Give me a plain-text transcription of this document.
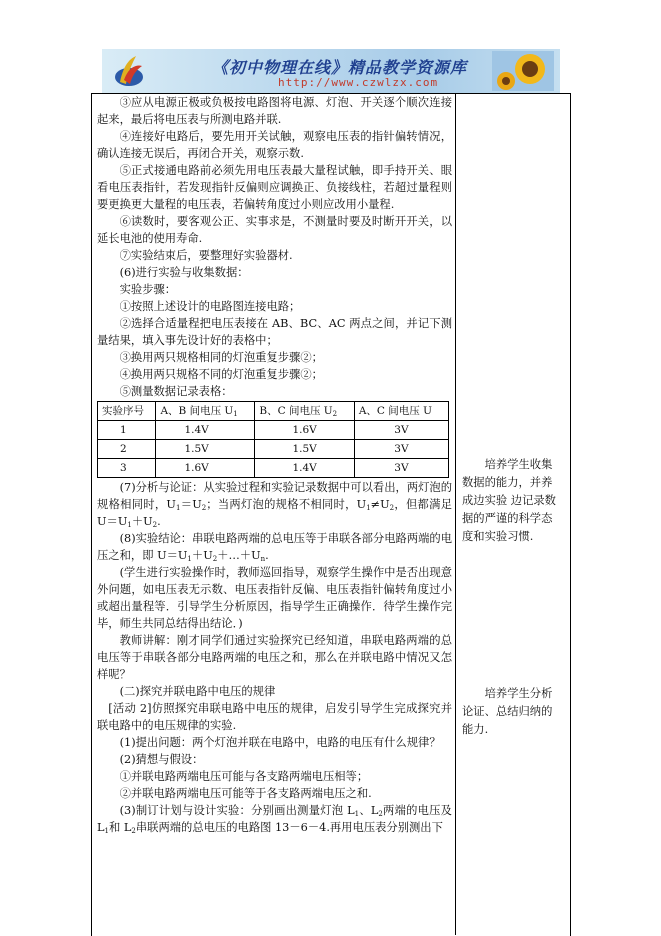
《初中物理在线》精品教学资源库
http://www.czwlzx.com

③应从电源正极或负极按电路图将电源、灯泡、开关逐个顺次连接起来，最后将电压表与所测电路并联.

④连接好电路后，要先用开关试触，观察电压表的指针偏转情况，确认连接无误后，再闭合开关，观察示数.

⑤正式接通电路前必须先用电压表最大量程试触，即手持开关、眼看电压表指针，若发现指针反偏则应调换正、负接线柱，若超过量程则要更换更大量程的电压表，若偏转角度过小则应改用小量程.

⑥读数时，要客观公正、实事求是，不测量时要及时断开开关，以延长电池的使用寿命.

⑦实验结束后，要整理好实验器材.

(6)进行实验与收集数据：

实验步骤：

①按照上述设计的电路图连接电路；

②选择合适量程把电压表接在 AB、BC、AC 两点之间，并记下测量结果，填入事先设计好的表格中；

③换用两只规格相同的灯泡重复步骤②；

④换用两只规格不同的灯泡重复步骤②；

⑤测量数据记录表格：

实验序号	A、B 间电压 $U_1$	B、C 间电压 $U_2$	A、C 间电压 U
1	1.4V	1.6V	3V
2	1.5V	1.5V	3V
3	1.6V	1.4V	3V

(7)分析与论证：从实验过程和实验记录数据中可以看出，两灯泡的规格相同时，$U_1=U_2$；当两灯泡的规格不相同时，$U_1\ne U_2$，但都满足 $U=U_1+U_2$.

(8)实验结论：串联电路两端的总电压等于串联各部分电路两端的电压之和，即 $U=U_1+U_2+\dots+U_n$.

(学生进行实验操作时，教师巡回指导，观察学生操作中是否出现意外问题，如电压表无示数、电压表指针反偏、电压表指针偏转角度过小或超出量程等．引导学生分析原因，指导学生正确操作．待学生操作完毕，师生共同总结得出结论．)

教师讲解：刚才同学们通过实验探究已经知道，串联电路两端的总电压等于串联各部分电路两端的电压之和，那么在并联电路中情况又怎样呢？

(二)探究并联电路中电压的规律

[活动 2]仿照探究串联电路中电压的规律，启发引导学生完成探究并联电路中的电压规律的实验.

(1)提出问题：两个灯泡并联在电路中，电路的电压有什么规律？

(2)猜想与假设：

①并联电路两端电压可能与各支路两端电压相等；

②并联电路两端电压可能等于各支路两端电压之和.

(3)制订计划与设计实验：分别画出测量灯泡 $L_1$、$L_2$两端的电压及 $L_1$和 $L_2$串联两端的总电压的电路图 13－6－4.再用电压表分别测出下

培养学生收集数据的能力，并养成边实验 边记录数据的严谨的科学态度和实验习惯.

培养学生分析论证、总结归纳的能力.
